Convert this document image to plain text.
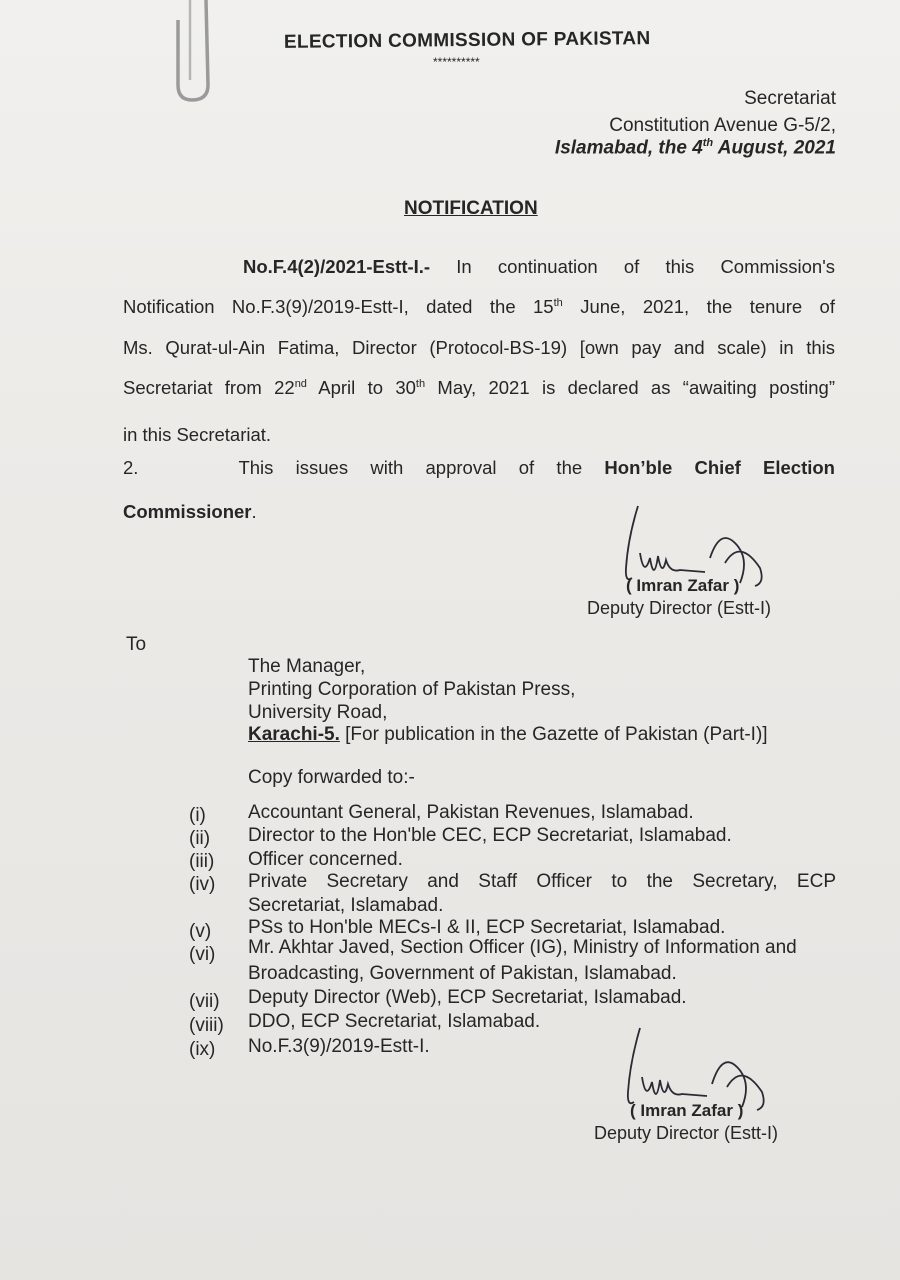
ELECTION COMMISSION OF PAKISTAN
**********
Secretariat
Constitution Avenue G-5/2,
Islamabad, the 4th August, 2021
NOTIFICATION
No.F.4(2)/2021-Estt-I.- In continuation of this Commission's
Notification No.F.3(9)/2019-Estt-I, dated the 15th June, 2021, the tenure of
Ms. Qurat-ul-Ain Fatima, Director (Protocol-BS-19) [own pay and scale) in this
Secretariat from 22nd April to 30th May, 2021 is declared as “awaiting posting”
in this Secretariat.
2.	This issues with approval of the Hon’ble Chief Election
Commissioner.
( Imran Zafar )
Deputy Director (Estt-I)
To
The Manager,
Printing Corporation of Pakistan Press,
University Road,
Karachi-5. [For publication in the Gazette of Pakistan (Part-I)]
Copy forwarded to:-
(i) Accountant General, Pakistan Revenues, Islamabad.
(ii) Director to the Hon'ble CEC, ECP Secretariat, Islamabad.
(iii) Officer concerned.
(iv) Private Secretary and Staff Officer to the Secretary, ECP
Secretariat, Islamabad.
(v) PSs to Hon'ble MECs-I & II, ECP Secretariat, Islamabad.
(vi) Mr. Akhtar Javed, Section Officer (IG), Ministry of Information and
Broadcasting, Government of Pakistan, Islamabad.
(vii) Deputy Director (Web), ECP Secretariat, Islamabad.
(viii) DDO, ECP Secretariat, Islamabad.
(ix) No.F.3(9)/2019-Estt-I.
( Imran Zafar )
Deputy Director (Estt-I)
